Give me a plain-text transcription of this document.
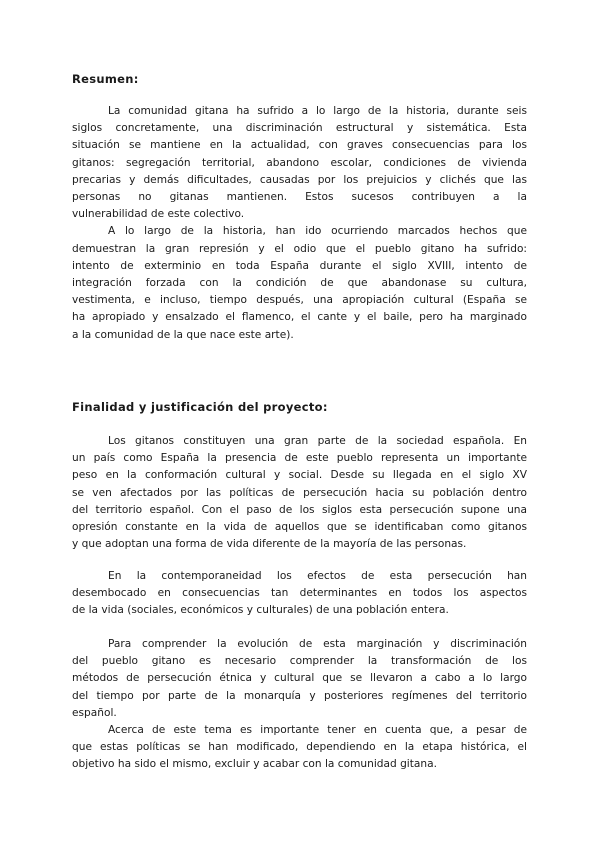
Resumen:
La comunidad gitana ha sufrido a lo largo de la historia, durante seis
siglos concretamente, una discriminación estructural y sistemática. Esta
situación se mantiene en la actualidad, con graves consecuencias para los
gitanos: segregación territorial, abandono escolar, condiciones de vivienda
precarias y demás dificultades, causadas por los prejuicios y clichés que las
personas no gitanas mantienen. Estos sucesos contribuyen a la
vulnerabilidad de este colectivo.
A lo largo de la historia, han ido ocurriendo marcados hechos que
demuestran la gran represión y el odio que el pueblo gitano ha sufrido:
intento de exterminio en toda España durante el siglo XVIII, intento de
integración forzada con la condición de que abandonase su cultura,
vestimenta, e incluso, tiempo después, una apropiación cultural (España se
ha apropiado y ensalzado el flamenco, el cante y el baile, pero ha marginado
a la comunidad de la que nace este arte).
Finalidad y justificación del proyecto:
Los gitanos constituyen una gran parte de la sociedad española. En
un país como España la presencia de este pueblo representa un importante
peso en la conformación cultural y social. Desde su llegada en el siglo XV
se ven afectados por las políticas de persecución hacia su población dentro
del territorio español. Con el paso de los siglos esta persecución supone una
opresión constante en la vida de aquellos que se identificaban como gitanos
y que adoptan una forma de vida diferente de la mayoría de las personas.
En la contemporaneidad los efectos de esta persecución han
desembocado en consecuencias tan determinantes en todos los aspectos
de la vida (sociales, económicos y culturales) de una población entera.
Para comprender la evolución de esta marginación y discriminación
del pueblo gitano es necesario comprender la transformación de los
métodos de persecución étnica y cultural que se llevaron a cabo a lo largo
del tiempo por parte de la monarquía y posteriores regímenes del territorio
español.
Acerca de este tema es importante tener en cuenta que, a pesar de
que estas políticas se han modificado, dependiendo en la etapa histórica, el
objetivo ha sido el mismo, excluir y acabar con la comunidad gitana.
